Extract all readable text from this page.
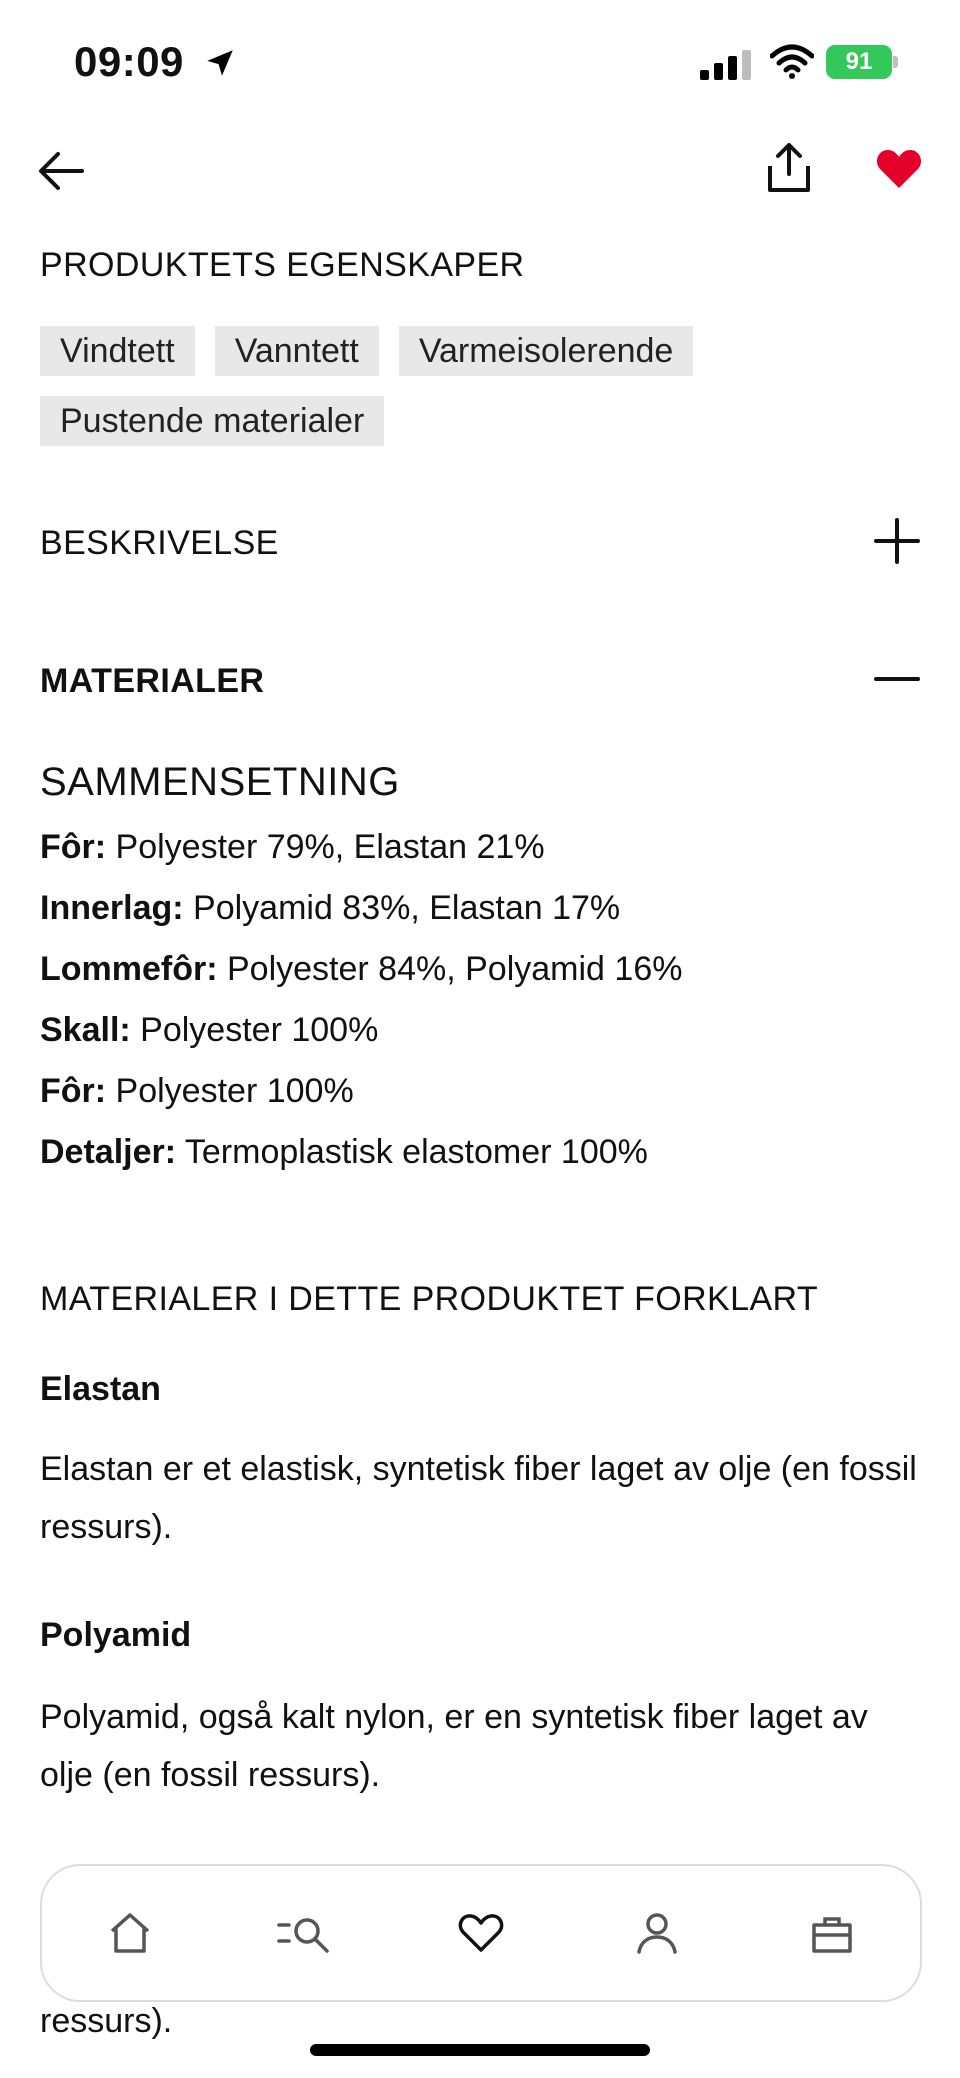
09:09	91
PRODUKTETS EGENSKAPER
Vindtett	Vanntett	Varmeisolerende
Pustende materialer
BESKRIVELSE
MATERIALER
SAMMENSETNING
Fôr: Polyester 79%, Elastan 21%
Innerlag: Polyamid 83%, Elastan 17%
Lommefôr: Polyester 84%, Polyamid 16%
Skall: Polyester 100%
Fôr: Polyester 100%
Detaljer: Termoplastisk elastomer 100%
MATERIALER I DETTE PRODUKTET FORKLART
Elastan
Elastan er et elastisk, syntetisk fiber laget av olje (en fossil ressurs).
Polyamid
Polyamid, også kalt nylon, er en syntetisk fiber laget av olje (en fossil ressurs).
ressurs).
